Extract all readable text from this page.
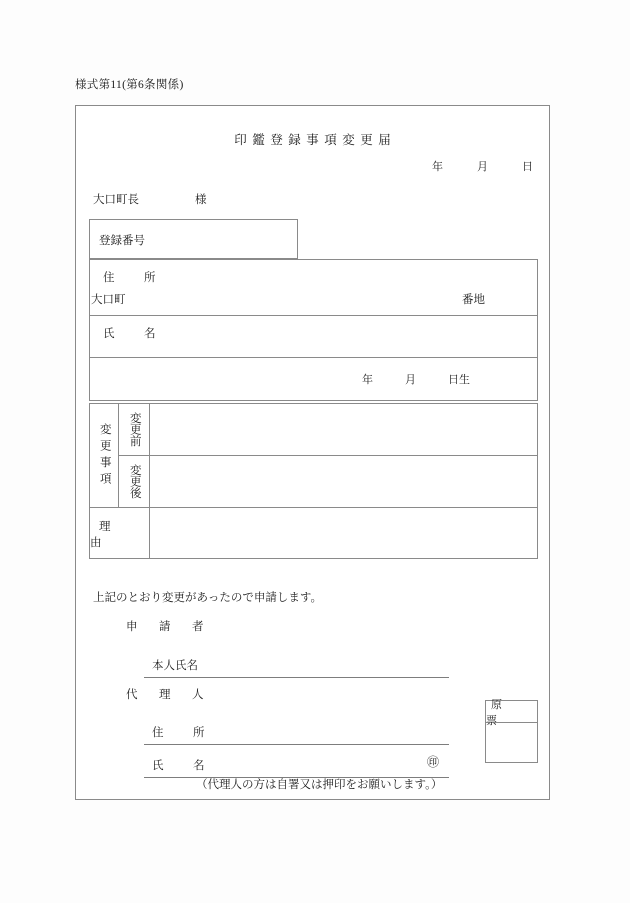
様式第11(第6条関係)
印鑑登録事項変更届
年	月	日
大口町長	様
登録番号
住　所
大口町	番地
氏　名
年	月	日生
変更事項 変更前
変更後
理　由
上記のとおり変更があったので申請します。
申　請　者
本人氏名
代　理　人
住　所
氏　名	㊞
（代理人の方は自署又は押印をお願いします。）
原　票
